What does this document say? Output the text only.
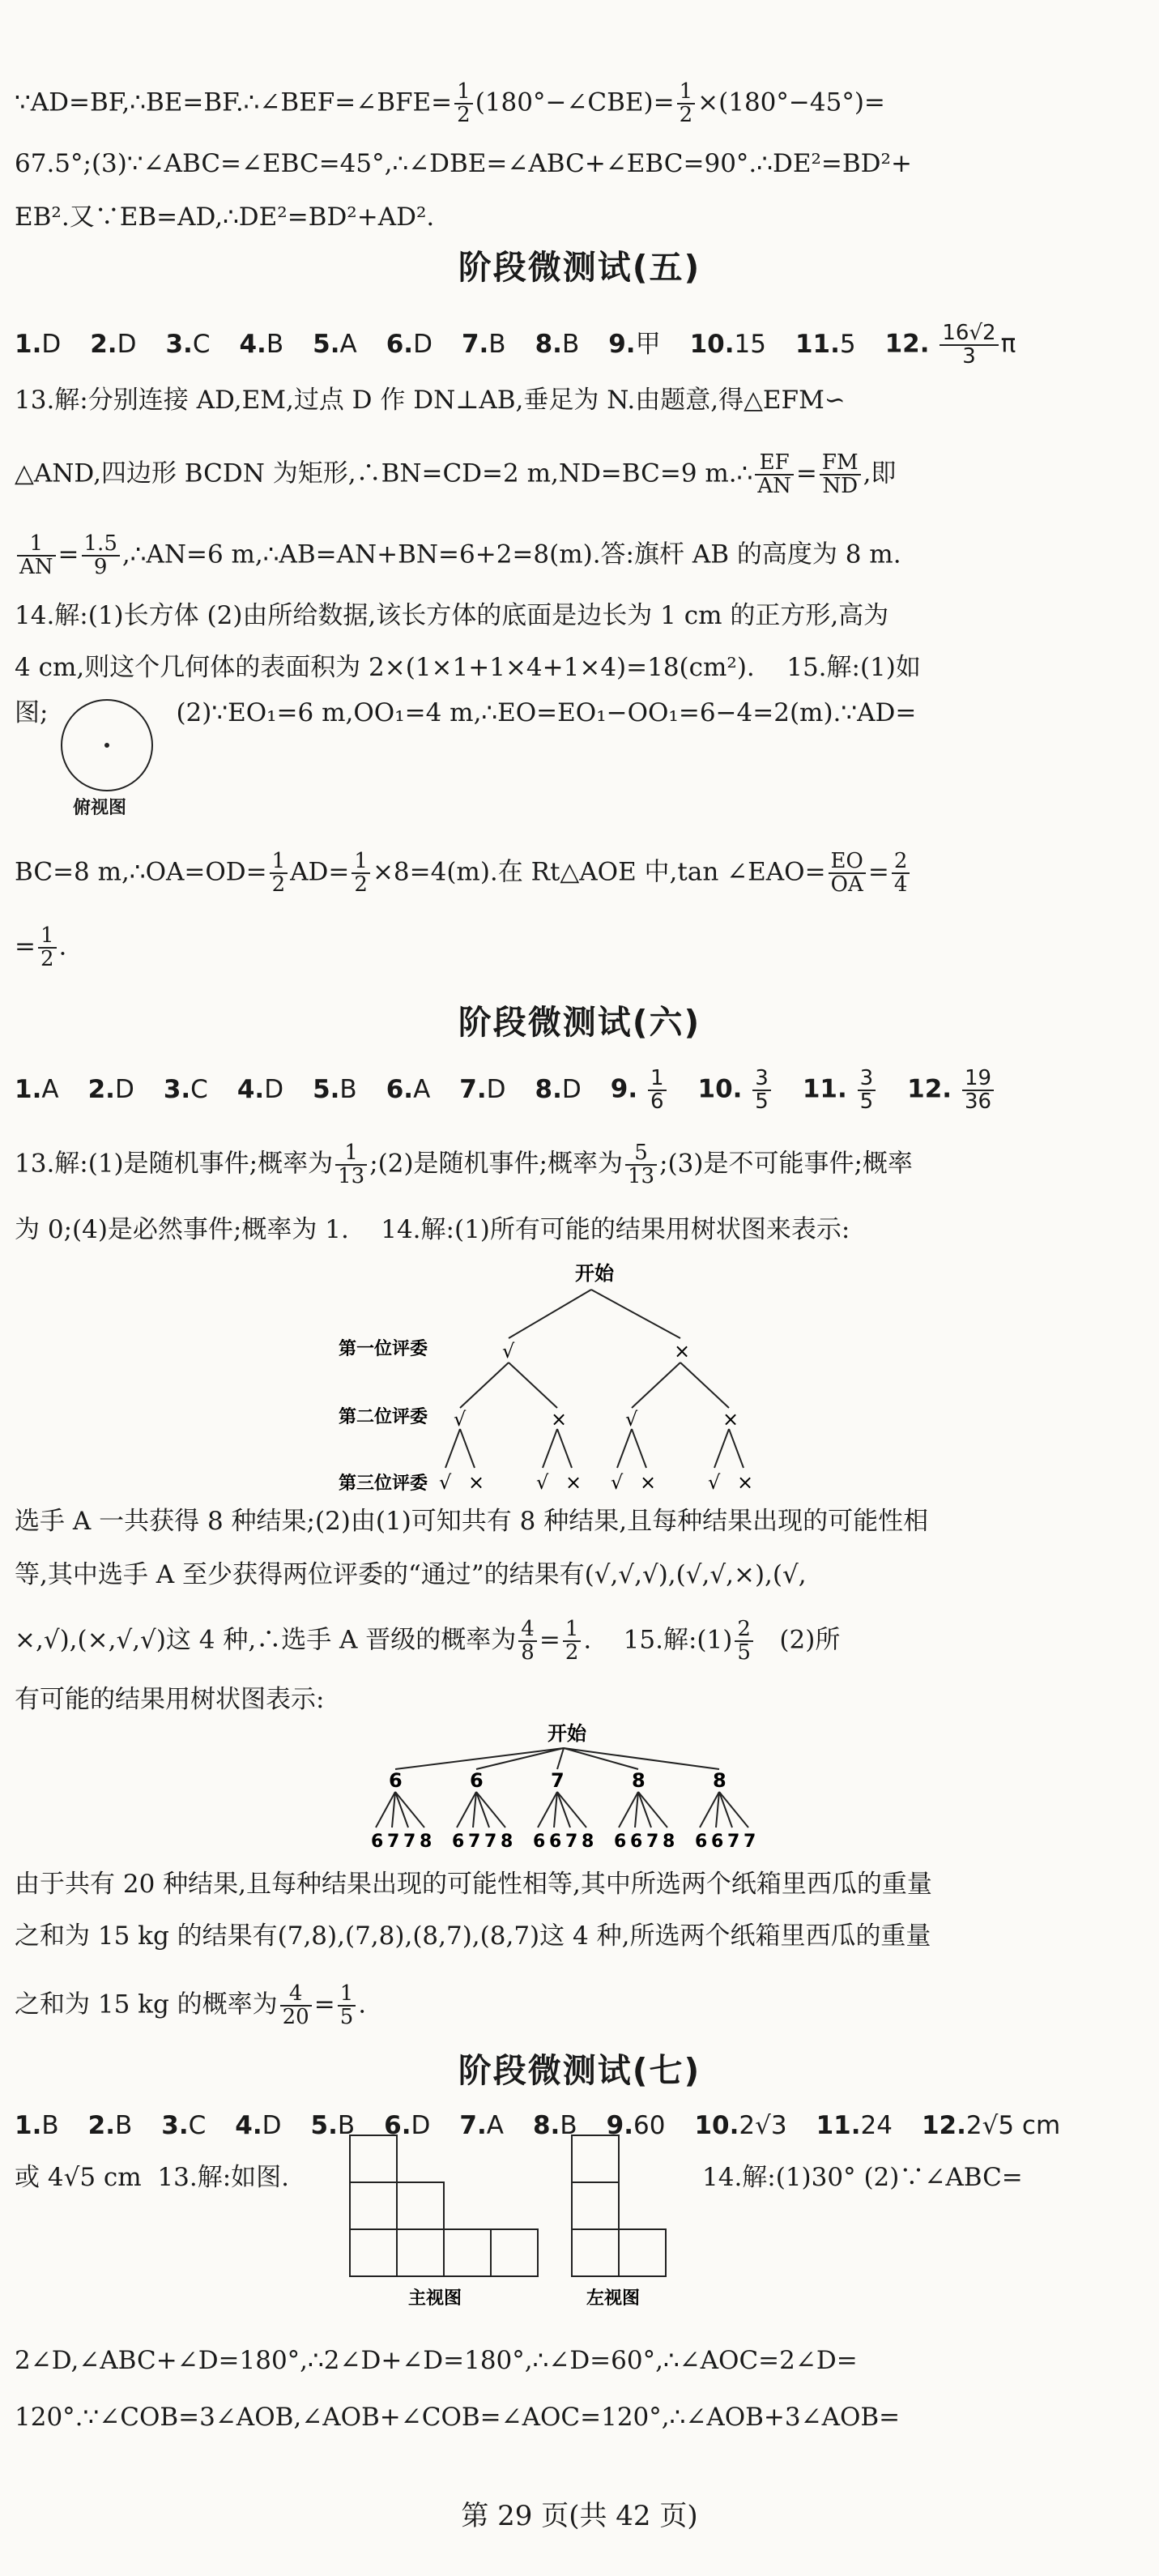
∵AD=BF,∴BE=BF.∴∠BEF=∠BFE= $\frac{1}{2}$ (180°−∠CBE)= $\frac{1}{2} \times(180^\circ-45^\circ)=$
67.5°;(3)∵∠ABC=∠EBC=45°,∴∠DBE=∠ABC+∠EBC=90°.∴DE²=BD²+
EB².又∵EB=AD,∴DE²=BD²+AD².
阶段微测试(五)
1.D 2.D 3.C 4.B 5.A 6.D 7.B 8.B 9.甲 10.15 11.5 12. $\frac{16√2}{3}$ π
13.解:分别连接 AD,EM,过点 D 作 DN⊥AB,垂足为 N.由题意,得△EFM∽
△AND,四边形 BCDN 为矩形,∴BN=CD=2 m,ND=BC=9 m.∴ $\frac{EF}{AN} = \frac{FM}{ND}$ ,即
$\frac{1}{AN} = \frac{1.5}{9}$ ,∴AN=6 m,∴AB=AN+BN=6+2=8(m).答:旗杆 AB 的高度为 8 m.
14.解:(1)长方体 (2)由所给数据,该长方体的底面是边长为 1 cm 的正方形,高为
4 cm,则这个几何体的表面积为 2×(1×1+1×4+1×4)=18(cm²). 15.解:(1)如
图;	(2)∵EO₁=6 m,OO₁=4 m,∴EO=EO₁−OO₁=6−4=2(m).∵AD=
俯视图
BC=8 m,∴OA=OD= $\frac{1}{2} AD= \frac{1}{2} \times 8=4(m)$.在 Rt△AOE 中,tan ∠EAO= $\frac{EO}{OA} = \frac{2}{4}$
= $\frac{1}{2}$ .
阶段微测试(六)
1.A 2.D 3.C 4.D 5.B 6.A 7.D 8.D 9. $\frac{1}{6} 10$. $\frac{3}{5} 11$. $\frac{3}{5} 12$. $\frac{19}{36}$
13.解:(1)是随机事件;概率为 $\frac{1}{13}$ ;(2)是随机事件;概率为 $\frac{5}{13}$ ;(3)是不可能事件;概率
为 0;(4)是必然事件;概率为 1. 14.解:(1)所有可能的结果用树状图来表示:
开始
第一位评委
第二位评委
第三位评委
√	×
√	×	√	×
√ ×	√ × √ ×	√ ×
选手 A 一共获得 8 种结果;(2)由(1)可知共有 8 种结果,且每种结果出现的可能性相
等,其中选手 A 至少获得两位评委的“通过”的结果有(√,√,√),(√,√,×),(√,
×,√),(×,√,√)这 4 种,∴选手 A 晋级的概率为 $\frac{4}{8} = \frac{1}{2}$ . 15.解:(1) $\frac{2}{5} (2)$所
有可能的结果用树状图表示:
开始
6
6 7 7 8
6
6 7 7 8
7
6 6 7 8
8
6 6 7 8
8
6 6 7 7
由于共有 20 种结果,且每种结果出现的可能性相等,其中所选两个纸箱里西瓜的重量
之和为 15 kg 的结果有(7,8),(7,8),(8,7),(8,7)这 4 种,所选两个纸箱里西瓜的重量
之和为 15 kg 的概率为 $\frac{4}{20} = \frac{1}{5}$ .
阶段微测试(七)
1.B 2.B 3.C 4.D 5.B 6.D 7.A 8.B 9.60 10.2√3 11.24 12.2√5 cm
或 4√5 cm 13.解:如图.	14.解:(1)30° (2)∵∠ABC=
主视图	左视图
2∠D,∠ABC+∠D=180°,∴2∠D+∠D=180°,∴∠D=60°,∴∠AOC=2∠D=
120°.∵∠COB=3∠AOB,∠AOB+∠COB=∠AOC=120°,∴∠AOB+3∠AOB=
第 29 页(共 42 页)
